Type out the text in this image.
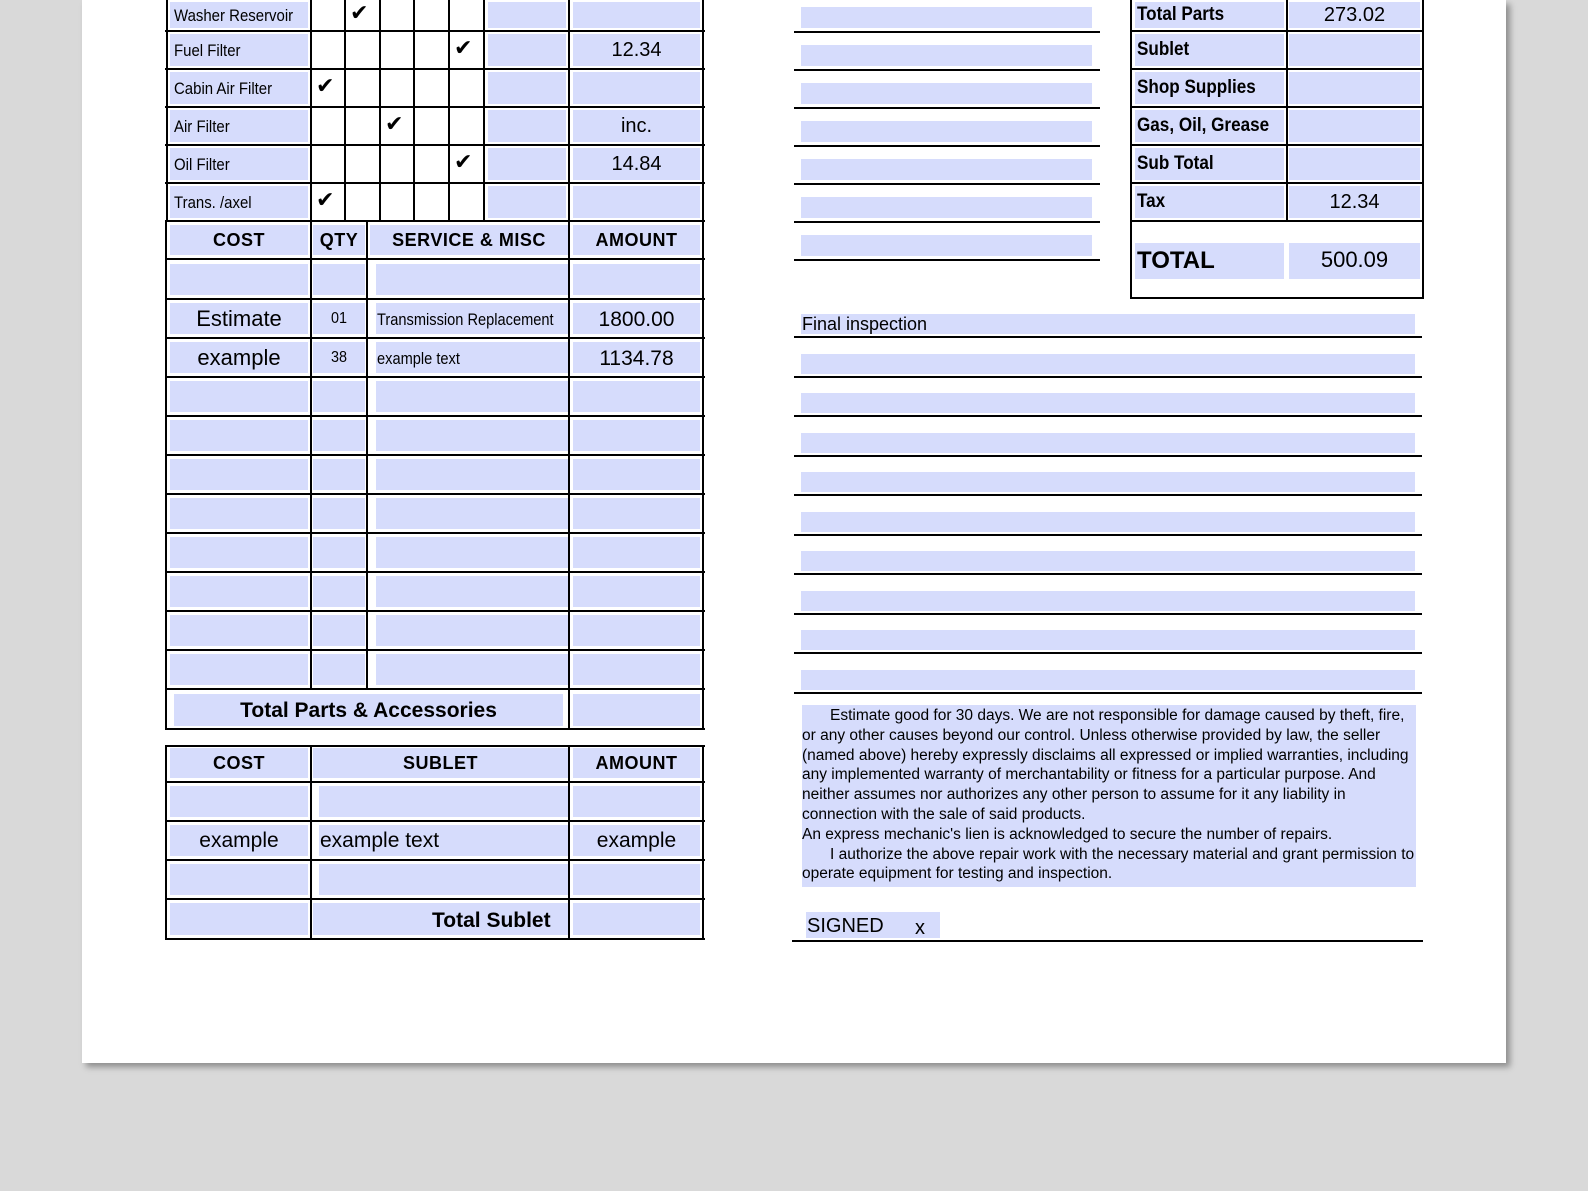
Washer Reservoir	✔
Fuel Filter	✔	12.34
Cabin Air Filter ✔
Air Filter	✔	inc.
Oil Filter	✔	14.84
Trans. /axel	✔
COST	QTY	SERVICE & MISC	AMOUNT
Estimate	01	Transmission Replacement	1800.00
example	38	example text	1134.78
Total Parts & Accessories
COST	SUBLET	AMOUNT
example	example text	example
Total Sublet
Total Parts	273.02
Sublet
Shop Supplies
Gas, Oil, Grease
Sub Total
Tax	12.34
TOTAL	500.09
Final inspection

Estimate good for 30 days. We are not responsible for damage caused by theft, fire, or any other causes beyond our control. Unless otherwise provided by law, the seller (named above) hereby expressly disclaims all expressed or implied warranties, including any implemented warranty of merchantability or fitness for a particular purpose. And neither assumes nor authorizes any other person to assume for it any liability in connection with the sale of said products.

An express mechanic's lien is acknowledged to secure the number of repairs.

I authorize the above repair work with the necessary material and grant permission to operate equipment for testing and inspection.

SIGNED x
